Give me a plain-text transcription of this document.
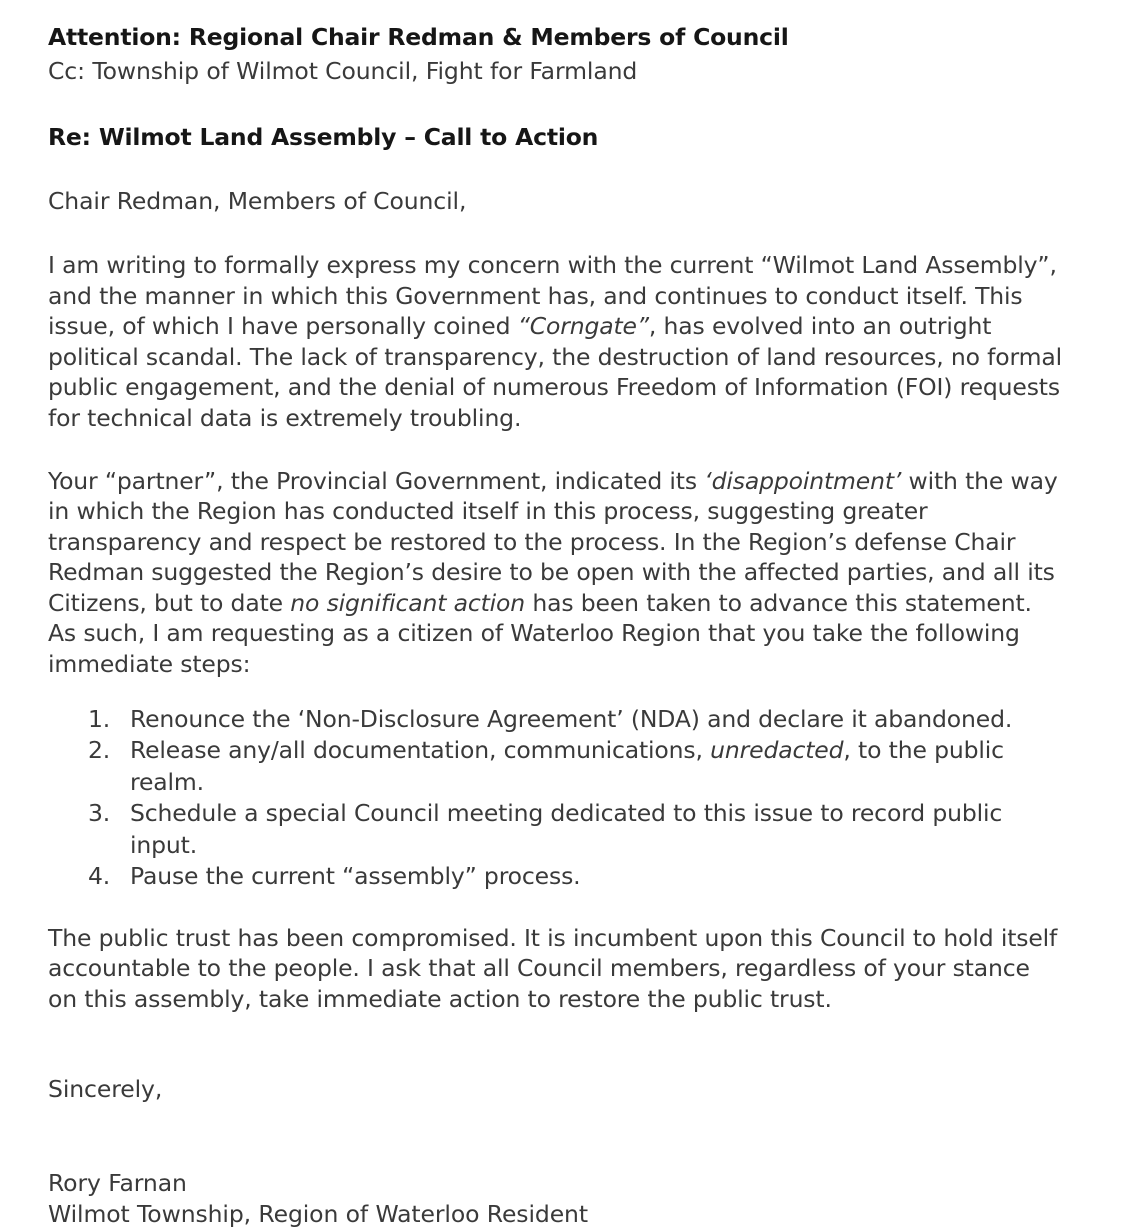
Attention: Regional Chair Redman & Members of Council

Cc: Township of Wilmot Council, Fight for Farmland

Re: Wilmot Land Assembly – Call to Action

Chair Redman, Members of Council,

I am writing to formally express my concern with the current “Wilmot Land Assembly”, and the manner in which this Government has, and continues to conduct itself. This issue, of which I have personally coined “Corngate”, has evolved into an outright political scandal. The lack of transparency, the destruction of land resources, no formal public engagement, and the denial of numerous Freedom of Information (FOI) requests for technical data is extremely troubling.

Your “partner”, the Provincial Government, indicated its ‘disappointment’ with the way in which the Region has conducted itself in this process, suggesting greater transparency and respect be restored to the process. In the Region’s defense Chair Redman suggested the Region’s desire to be open with the affected parties, and all its Citizens, but to date no significant action has been taken to advance this statement. As such, I am requesting as a citizen of Waterloo Region that you take the following immediate steps:

1. Renounce the ‘Non-Disclosure Agreement’ (NDA) and declare it abandoned.
2. Release any/all documentation, communications, unredacted, to the public realm.
3. Schedule a special Council meeting dedicated to this issue to record public input.
4. Pause the current “assembly” process.

The public trust has been compromised. It is incumbent upon this Council to hold itself accountable to the people. I ask that all Council members, regardless of your stance on this assembly, take immediate action to restore the public trust.

Sincerely,

Rory Farnan

Wilmot Township, Region of Waterloo Resident
